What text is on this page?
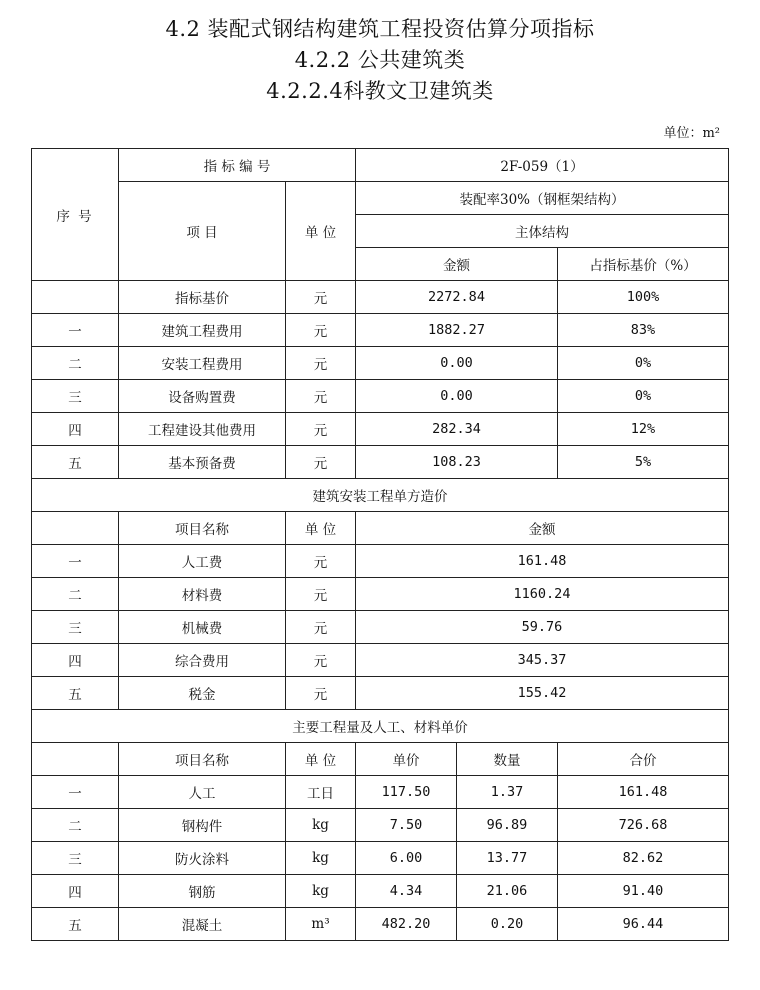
4.2 装配式钢结构建筑工程投资估算分项指标
4.2.2 公共建筑类
4.2.2.4科教文卫建筑类
单位：m²
序 号	指 标 编 号		2F-059（1）		
	项 目	单 位	装配率30%（钢框架结构）		
			主体结构		
			金额		占指标基价（%）
	指标基价	元	2272.84		100%
一	建筑工程费用	元	1882.27		83%
二	安装工程费用	元	0.00		0%
三	设备购置费	元	0.00		0%
四	工程建设其他费用	元	282.34		12%
五	基本预备费	元	108.23		5%
建筑安装工程单方造价					
	项目名称	单 位	金额		
一	人工费	元	161.48		
二	材料费	元	1160.24		
三	机械费	元	59.76		
四	综合费用	元	345.37		
五	税金	元	155.42		
主要工程量及人工、材料单价					
	项目名称	单 位	单价	数量	合价
一	人工	工日	117.50	1.37	161.48
二	钢构件	kg	7.50	96.89	726.68
三	防火涂料	kg	6.00	13.77	82.62
四	钢筋	kg	4.34	21.06	91.40
五	混凝土	m³	482.20	0.20	96.44
